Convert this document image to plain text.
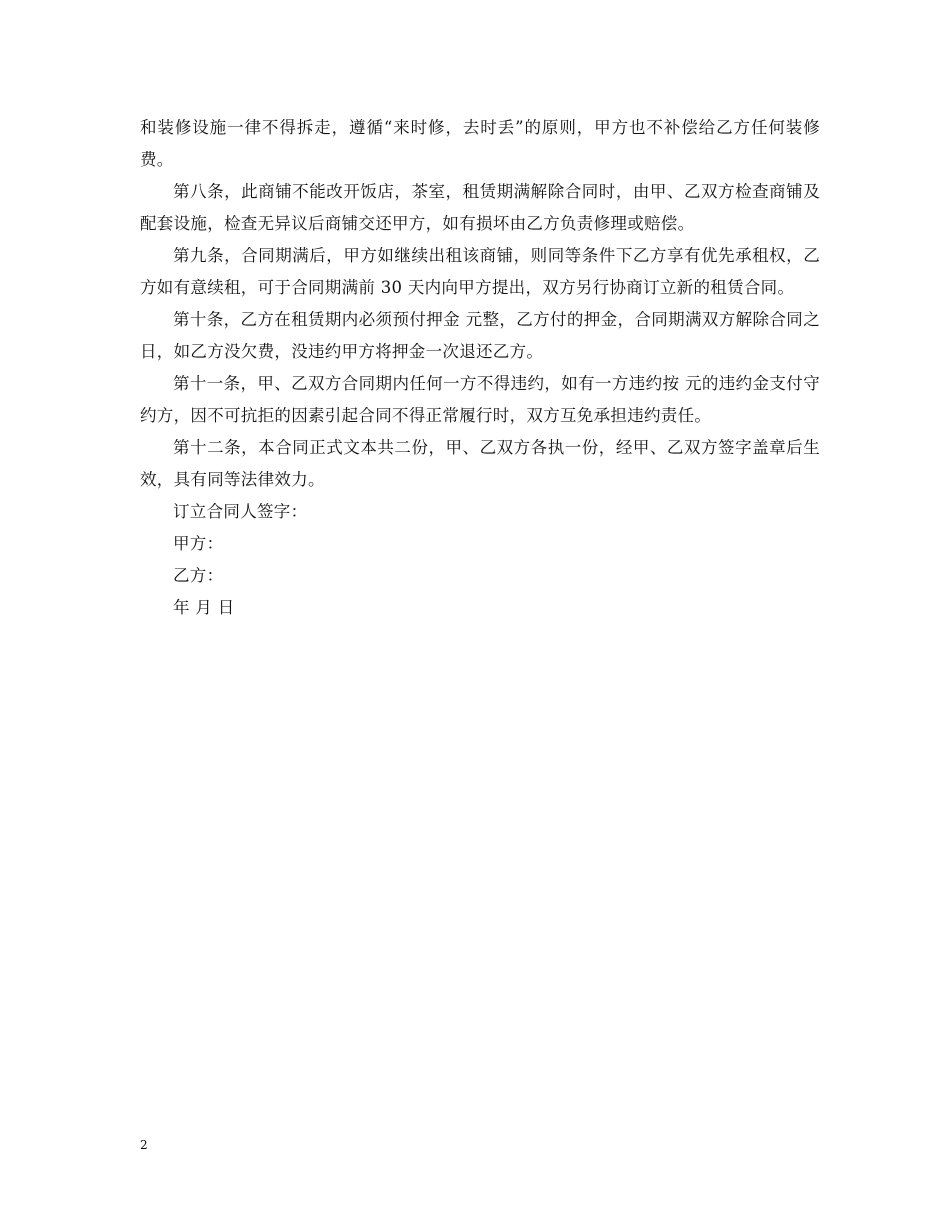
和装修设施一律不得拆走，遵循“来时修，去时丢”的原则，甲方也不补偿给乙方任何装修费。

第八条，此商铺不能改开饭店，茶室，租赁期满解除合同时，由甲、乙双方检查商铺及配套设施，检查无异议后商铺交还甲方，如有损坏由乙方负责修理或赔偿。

第九条，合同期满后，甲方如继续出租该商铺，则同等条件下乙方享有优先承租权，乙方如有意续租，可于合同期满前 30 天内向甲方提出，双方另行协商订立新的租赁合同。

第十条，乙方在租赁期内必须预付押金 元整，乙方付的押金，合同期满双方解除合同之日，如乙方没欠费，没违约甲方将押金一次退还乙方。

第十一条，甲、乙双方合同期内任何一方不得违约，如有一方违约按 元的违约金支付守约方，因不可抗拒的因素引起合同不得正常履行时，双方互免承担违约责任。

第十二条，本合同正式文本共二份，甲、乙双方各执一份，经甲、乙双方签字盖章后生效，具有同等法律效力。

订立合同人签字：

甲方：

乙方：

年 月 日

2
